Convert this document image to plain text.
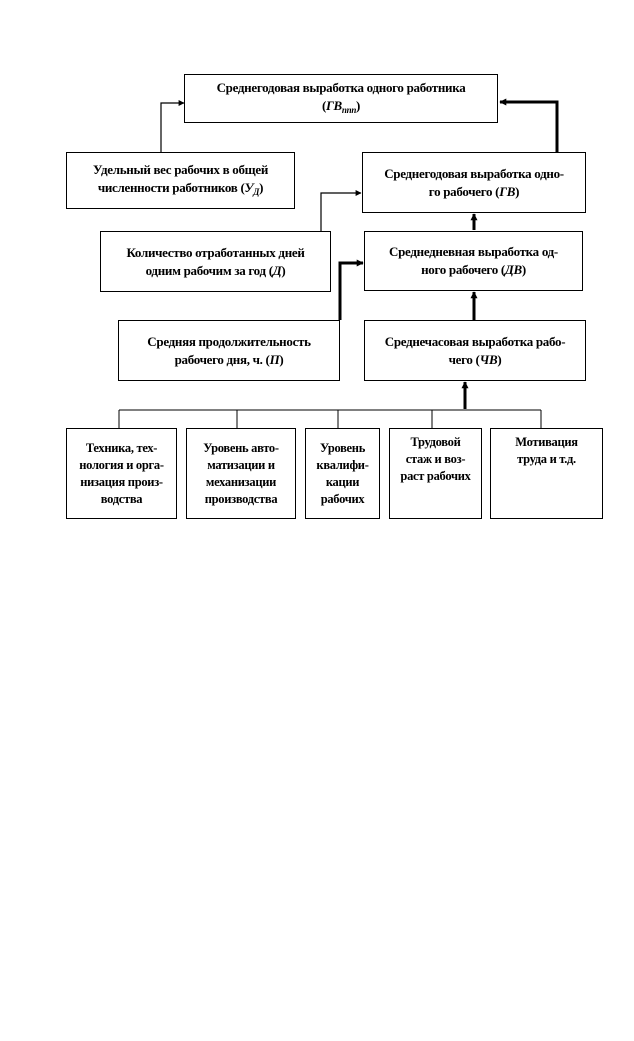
Среднегодовая выработка одного работника
$(ГВ_{ппп})$
Удельный вес рабочих в общей
численности работников $(У_Д)$
Среднегодовая выработка одно-
го рабочего (ГВ)
Количество отработанных дней
одним рабочим за год (Д)
Среднедневная выработка од-
ного рабочего (ДВ)
Средняя продолжительность
рабочего дня, ч. (П)
Среднечасовая выработка рабо-
чего (ЧВ)
Техника, тех-
нология и орга-
низация произ-
водства
Уровень авто-
матизации и
механизации
производства
Уровень
квалифи-
кации
рабочих
Трудовой
стаж и воз-
раст рабочих
Мотивация
труда и т.д.
